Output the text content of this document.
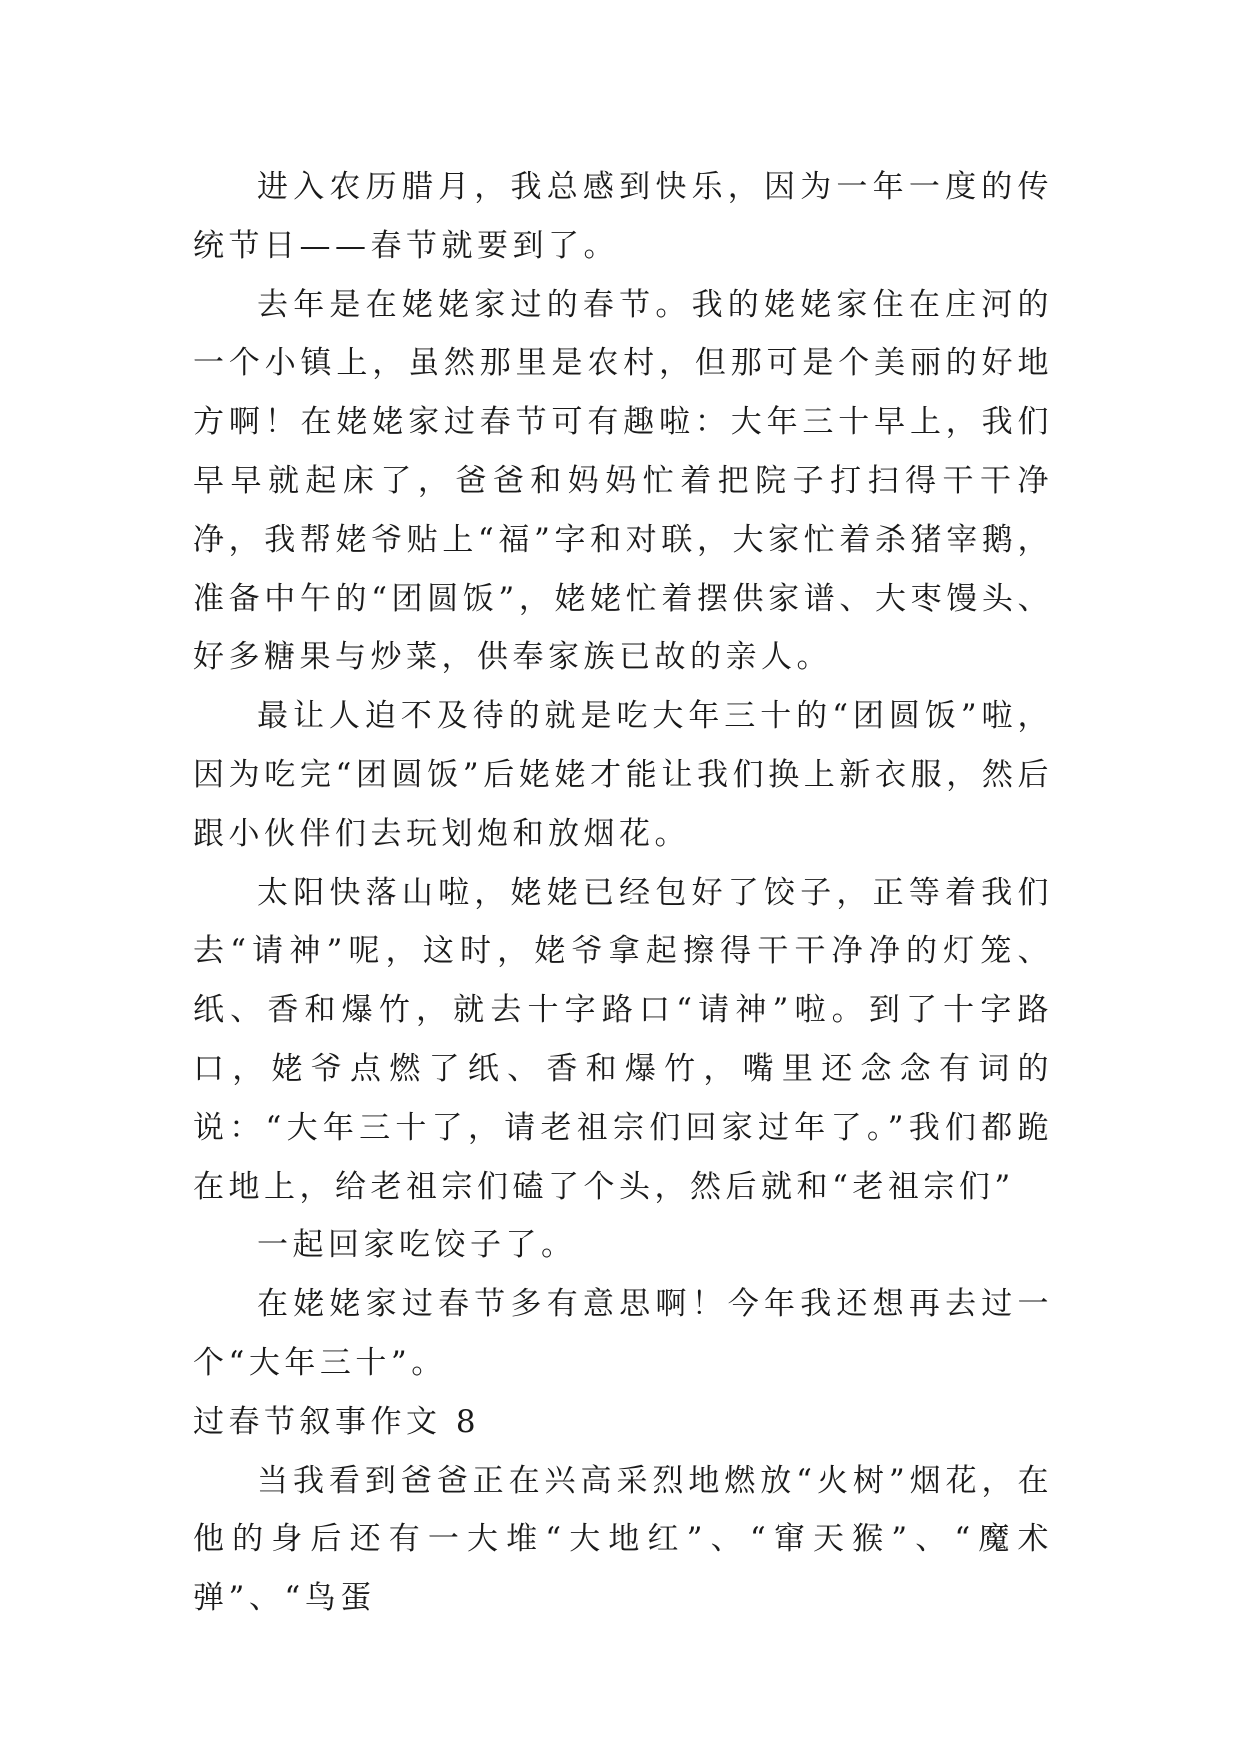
进入农历腊月，我总感到快乐，因为一年一度的传统节日——春节就要到了。

去年是在姥姥家过的春节。我的姥姥家住在庄河的一个小镇上，虽然那里是农村，但那可是个美丽的好地方啊！在姥姥家过春节可有趣啦：大年三十早上，我们早早就起床了，爸爸和妈妈忙着把院子打扫得干干净净，我帮姥爷贴上“福”字和对联，大家忙着杀猪宰鹅，准备中午的“团圆饭”，姥姥忙着摆供家谱、大枣馒头、好多糖果与炒菜，供奉家族已故的亲人。

最让人迫不及待的就是吃大年三十的“团圆饭”啦，因为吃完“团圆饭”后姥姥才能让我们换上新衣服，然后跟小伙伴们去玩划炮和放烟花。

太阳快落山啦，姥姥已经包好了饺子，正等着我们去“请神”呢，这时，姥爷拿起擦得干干净净的灯笼、纸、香和爆竹，就去十字路口“请神”啦。到了十字路口，姥爷点燃了纸、香和爆竹，嘴里还念念有词的说：“大年三十了，请老祖宗们回家过年了。”我们都跪在地上，给老祖宗们磕了个头，然后就和“老祖宗们”

一起回家吃饺子了。

在姥姥家过春节多有意思啊！今年我还想再去过一个“大年三十”。

过春节叙事作文 8

当我看到爸爸正在兴高采烈地燃放“火树”烟花，在他的身后还有一大堆“大地红”、“窜天猴”、“魔术弹”、“鸟蛋
